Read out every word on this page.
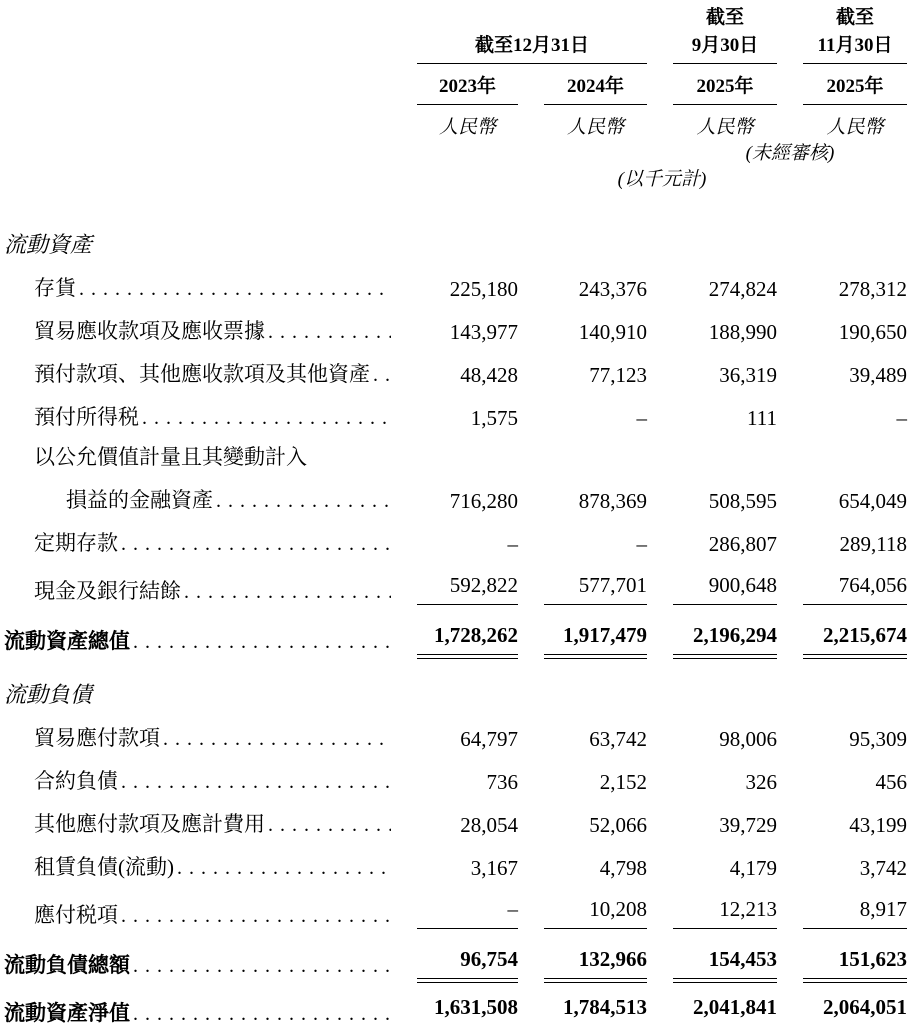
截至	截至
截至12月31日	9月30日	11月30日
2023年	2024年	2025年	2025年
人民幣	人民幣	人民幣	人民幣
(未經審核)
(以千元計)
流動資產
存貨 . . .	225,180	243,376	274,824	278,312
貿易應收款項及應收票據 . . .	143,977	140,910	188,990	190,650
預付款項、其他應收款項及其他資產 . . .	48,428	77,123	36,319	39,489
預付所得税 . . .	1,575	–	111	–
以公允價值計量且其變動計入
損益的金融資產 . . .	716,280	878,369	508,595	654,049
定期存款 . . .	–	–	286,807	289,118
現金及銀行結餘 . . .	592,822	577,701	900,648	764,056
流動資產總值 . . .	1,728,262	1,917,479	2,196,294	2,215,674
流動負債
貿易應付款項 . . .	64,797	63,742	98,006	95,309
合約負債 . . .	736	2,152	326	456
其他應付款項及應計費用 . . .	28,054	52,066	39,729	43,199
租賃負債(流動) . . .	3,167	4,798	4,179	3,742
應付税項 . . .	–	10,208	12,213	8,917
流動負債總額 . . .	96,754	132,966	154,453	151,623
流動資產淨值 . . .	1,631,508	1,784,513	2,041,841	2,064,051
